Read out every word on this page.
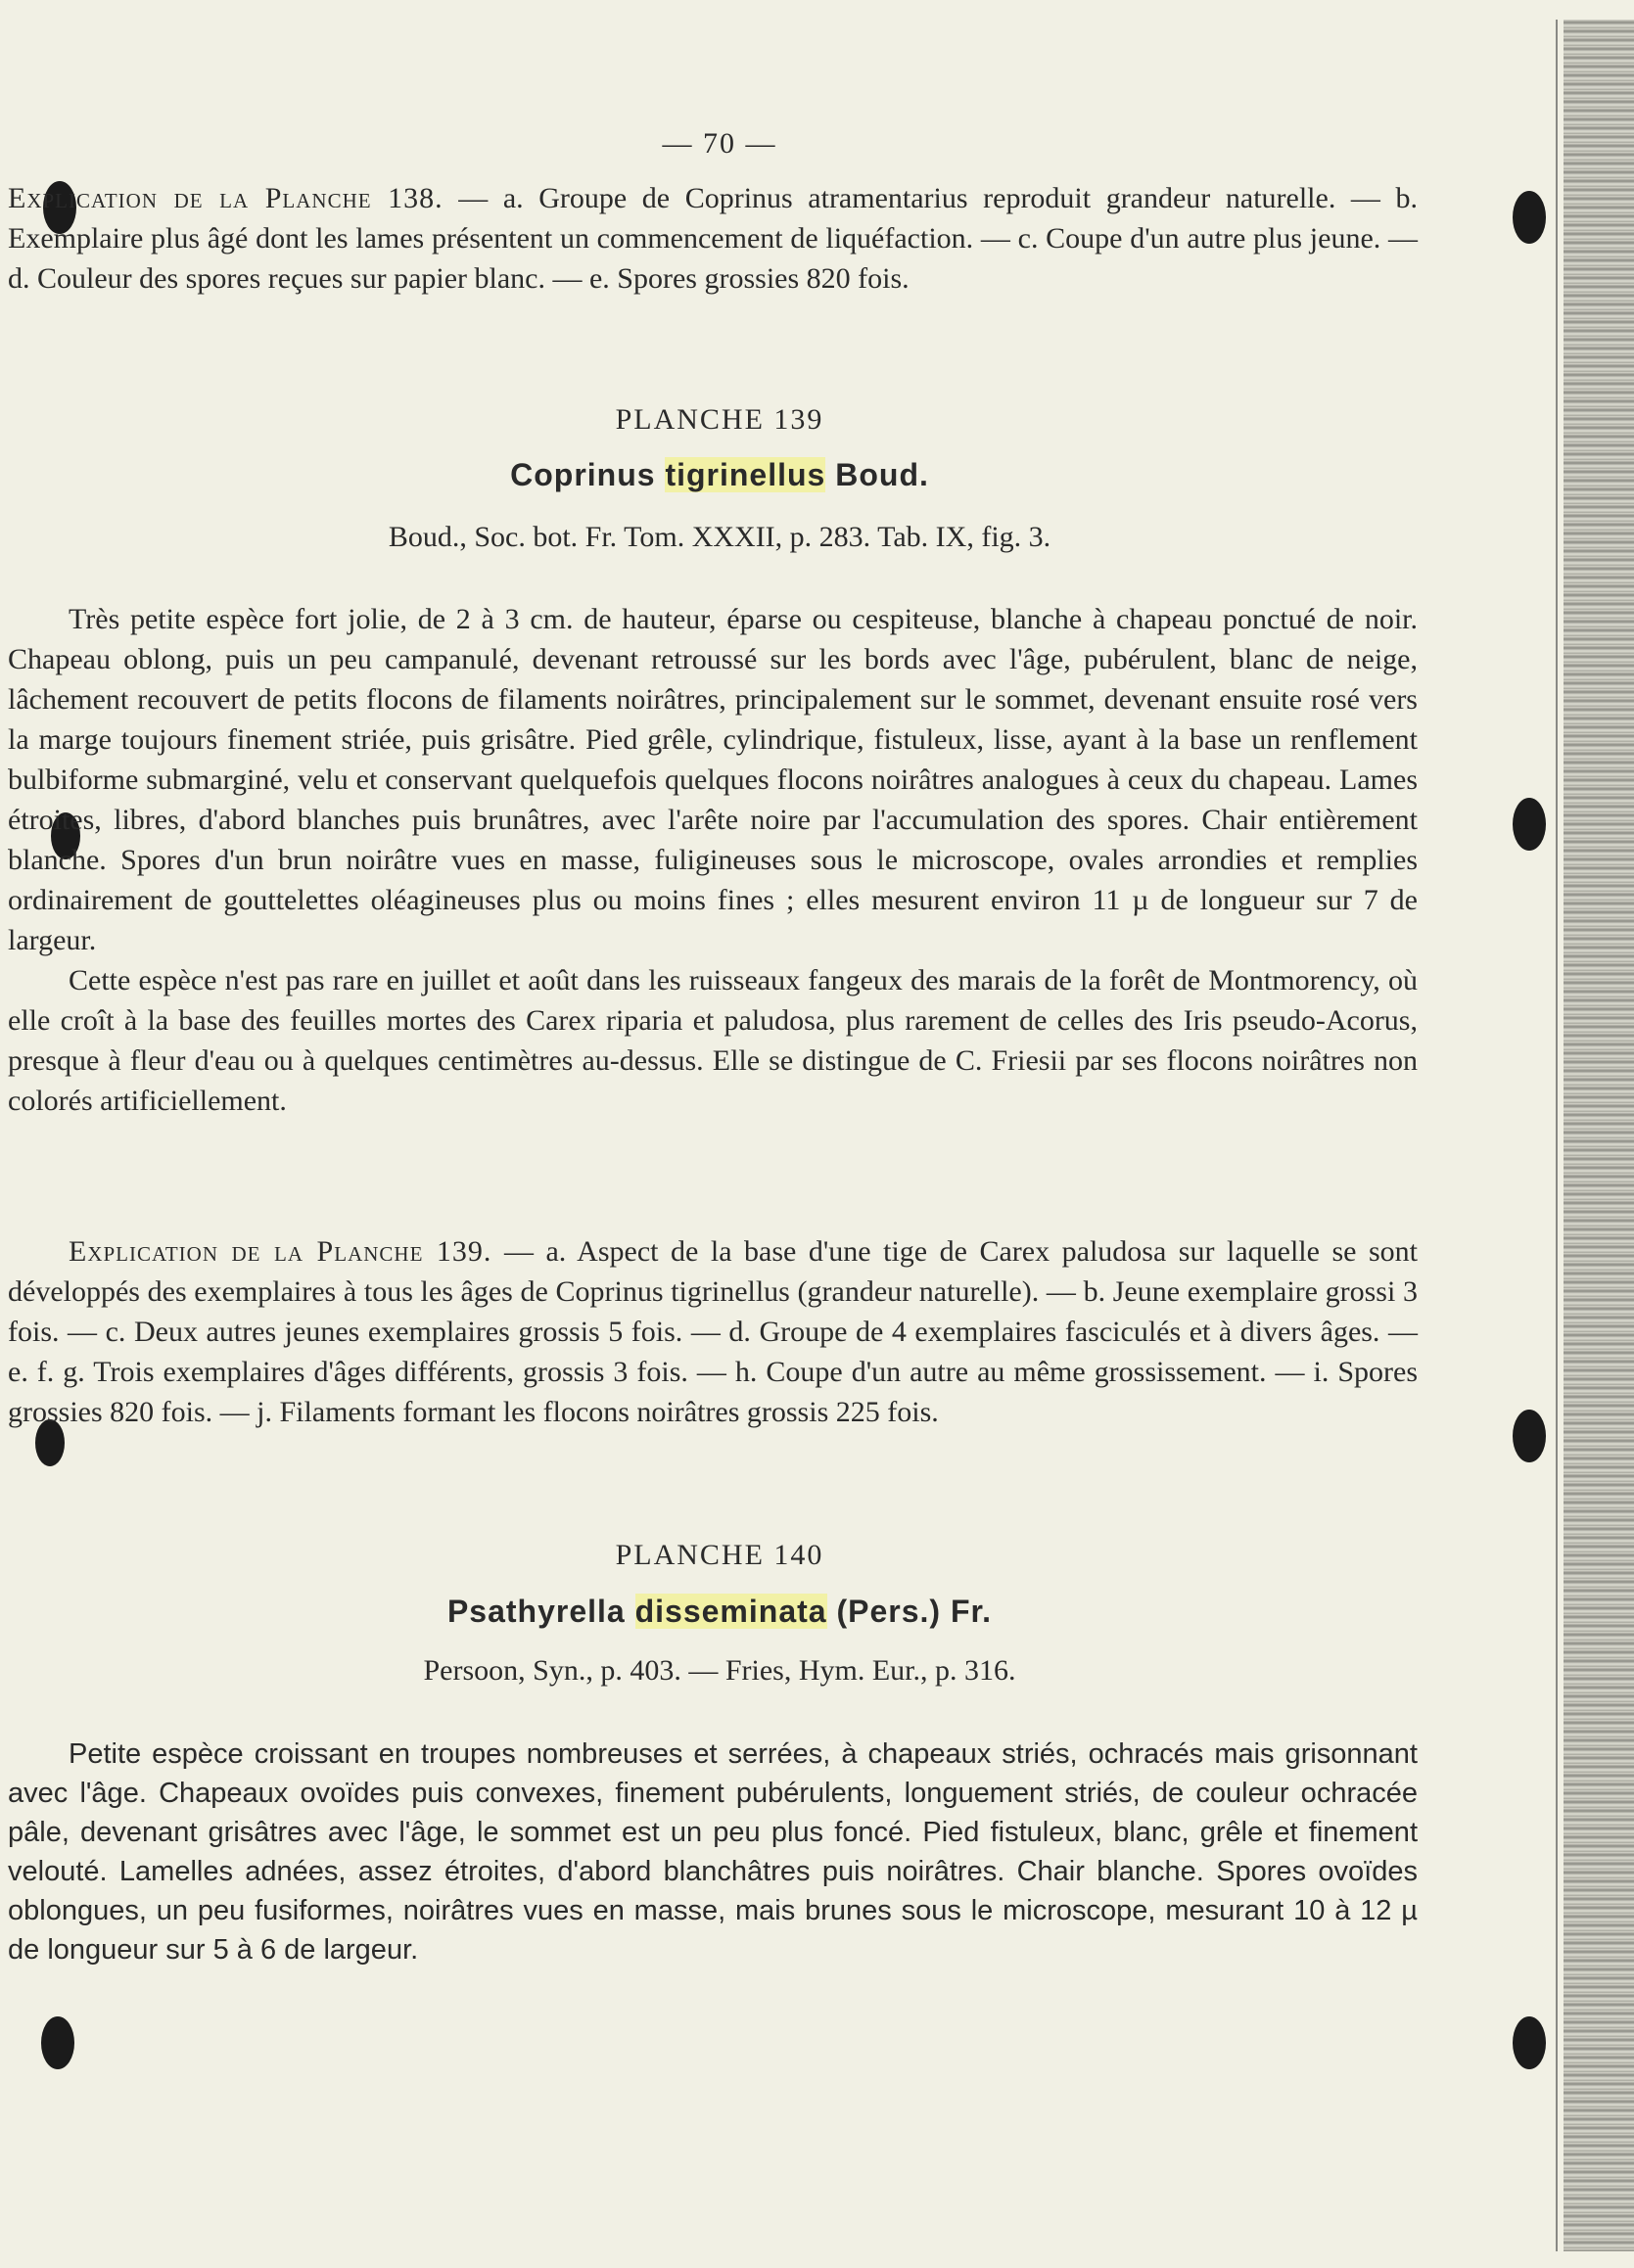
— 70 —

Explication de la Planche 138. — a. Groupe de Coprinus atramentarius reproduit grandeur naturelle. — b. Exemplaire plus âgé dont les lames présentent un commencement de liquéfaction. — c. Coupe d'un autre plus jeune. — d. Couleur des spores reçues sur papier blanc. — e. Spores grossies 820 fois.

PLANCHE 139
Coprinus tigrinellus Boud.
Boud., Soc. bot. Fr. Tom. XXXII, p. 283. Tab. IX, fig. 3.

Très petite espèce fort jolie, de 2 à 3 cm. de hauteur, éparse ou cespiteuse, blanche à chapeau ponctué de noir. Chapeau oblong, puis un peu campanulé, devenant retroussé sur les bords avec l'âge, pubérulent, blanc de neige, lâchement recouvert de petits flocons de filaments noirâtres, principalement sur le sommet, devenant ensuite rosé vers la marge toujours finement striée, puis grisâtre. Pied grêle, cylindrique, fistuleux, lisse, ayant à la base un renflement bulbiforme submarginé, velu et conservant quelquefois quelques flocons noirâtres analogues à ceux du chapeau. Lames étroites, libres, d'abord blanches puis brunâtres, avec l'arête noire par l'accumulation des spores. Chair entièrement blanche. Spores d'un brun noirâtre vues en masse, fuligineuses sous le microscope, ovales arrondies et remplies ordinairement de gouttelettes oléagineuses plus ou moins fines ; elles mesurent environ 11 µ de longueur sur 7 de largeur.

Cette espèce n'est pas rare en juillet et août dans les ruisseaux fangeux des marais de la forêt de Montmorency, où elle croît à la base des feuilles mortes des Carex riparia et paludosa, plus rarement de celles des Iris pseudo-Acorus, presque à fleur d'eau ou à quelques centimètres au-dessus. Elle se distingue de C. Friesii par ses flocons noirâtres non colorés artificiellement.

Explication de la Planche 139. — a. Aspect de la base d'une tige de Carex paludosa sur laquelle se sont développés des exemplaires à tous les âges de Coprinus tigrinellus (grandeur naturelle). — b. Jeune exemplaire grossi 3 fois. — c. Deux autres jeunes exemplaires grossis 5 fois. — d. Groupe de 4 exemplaires fasciculés et à divers âges. — e. f. g. Trois exemplaires d'âges différents, grossis 3 fois. — h. Coupe d'un autre au même grossissement. — i. Spores grossies 820 fois. — j. Filaments formant les flocons noirâtres grossis 225 fois.

PLANCHE 140
Psathyrella disseminata (Pers.) Fr.
Persoon, Syn., p. 403. — Fries, Hym. Eur., p. 316.

Petite espèce croissant en troupes nombreuses et serrées, à chapeaux striés, ochracés mais grisonnant avec l'âge. Chapeaux ovoïdes puis convexes, finement pubérulents, longuement striés, de couleur ochracée pâle, devenant grisâtres avec l'âge, le sommet est un peu plus foncé. Pied fistuleux, blanc, grêle et finement velouté. Lamelles adnées, assez étroites, d'abord blanchâtres puis noirâtres. Chair blanche. Spores ovoïdes oblongues, un peu fusiformes, noirâtres vues en masse, mais brunes sous le microscope, mesurant 10 à 12 µ de longueur sur 5 à 6 de largeur.
